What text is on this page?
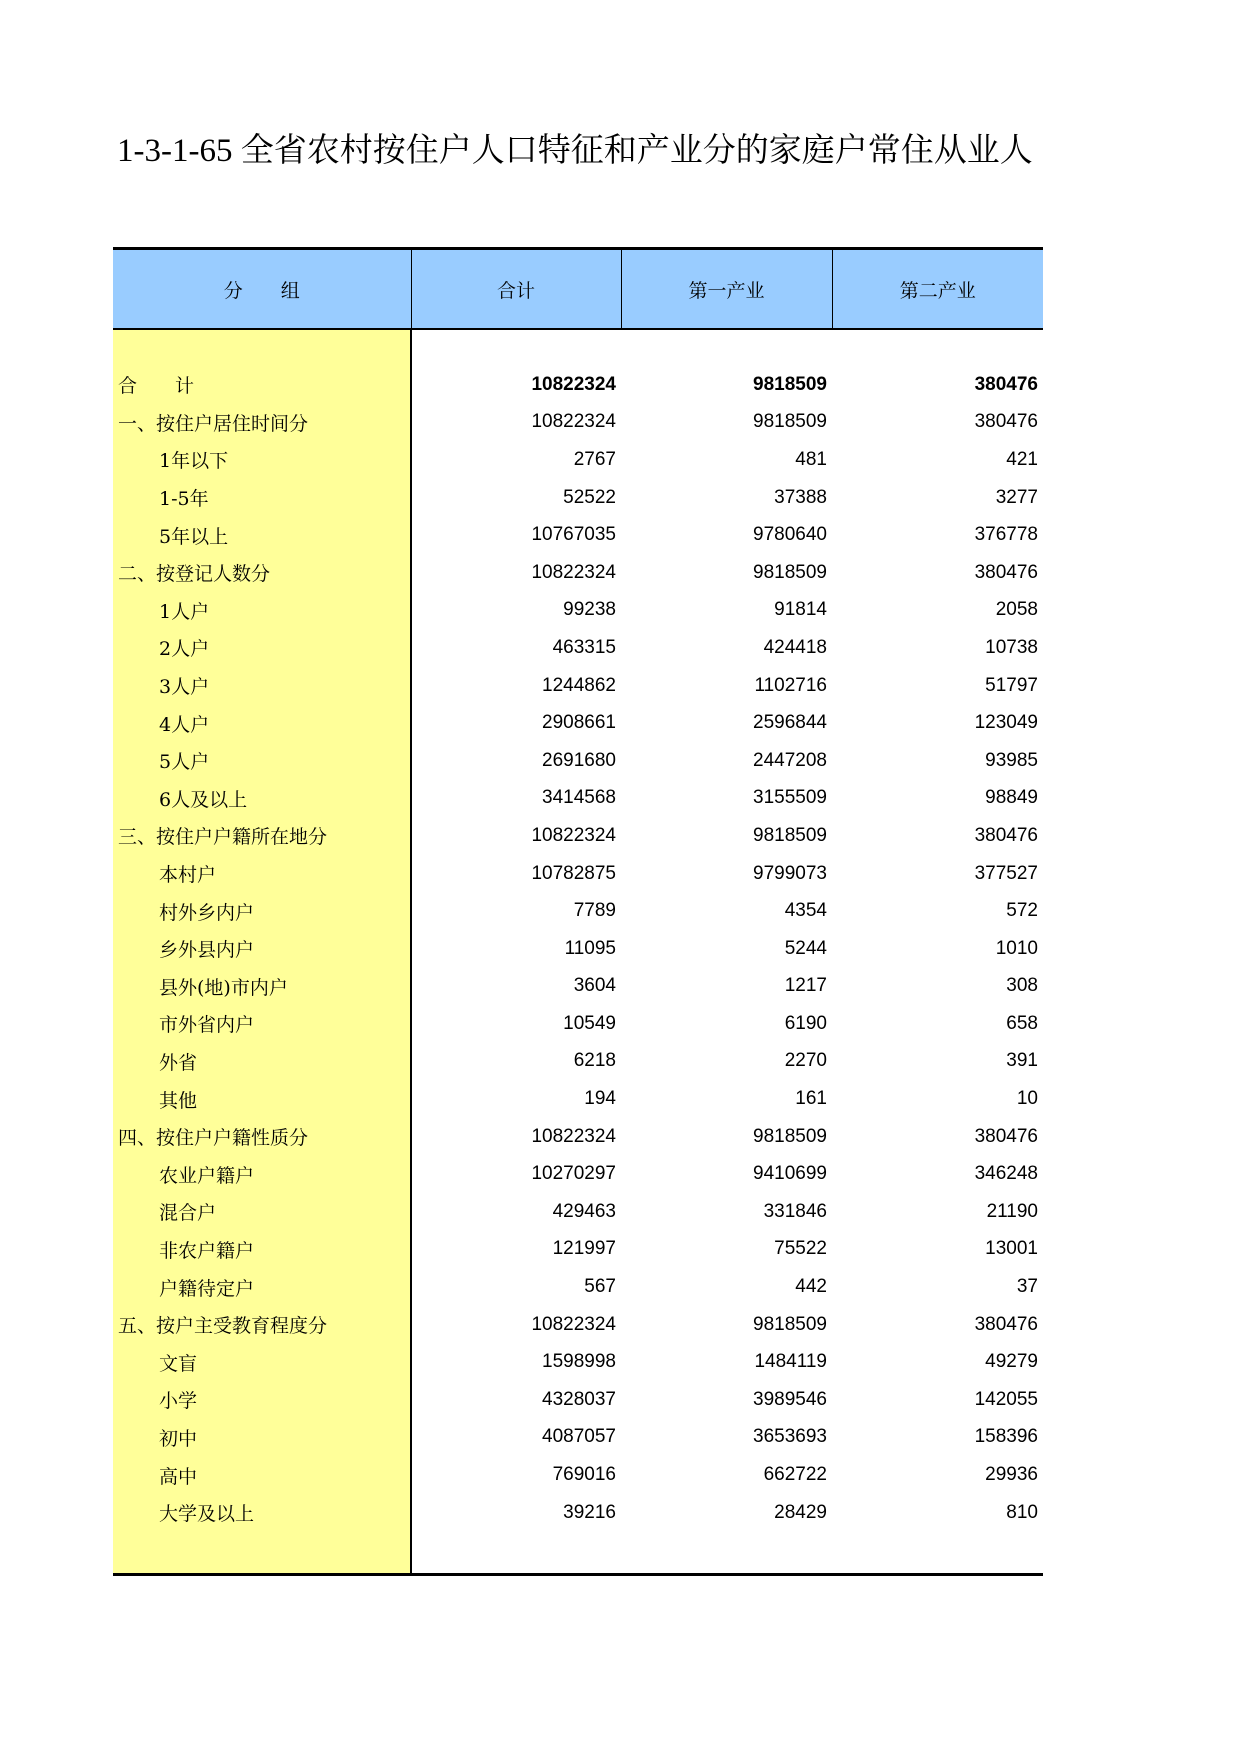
1-3-1-65 全省农村按住户人口特征和产业分的家庭户常住从业人
分　　组	合计	第一产业	第二产业

合　　计	10822324	9818509	380476
一、按住户居住时间分	10822324	9818509	380476
1年以下	2767	481	421
1-5年	52522	37388	3277
5年以上	10767035	9780640	376778
二、按登记人数分	10822324	9818509	380476
1人户	99238	91814	2058
2人户	463315	424418	10738
3人户	1244862	1102716	51797
4人户	2908661	2596844	123049
5人户	2691680	2447208	93985
6人及以上	3414568	3155509	98849
三、按住户户籍所在地分	10822324	9818509	380476
本村户	10782875	9799073	377527
村外乡内户	7789	4354	572
乡外县内户	11095	5244	1010
县外(地)市内户	3604	1217	308
市外省内户	10549	6190	658
外省	6218	2270	391
其他	194	161	10
四、按住户户籍性质分	10822324	9818509	380476
农业户籍户	10270297	9410699	346248
混合户	429463	331846	21190
非农户籍户	121997	75522	13001
户籍待定户	567	442	37
五、按户主受教育程度分	10822324	9818509	380476
文盲	1598998	1484119	49279
小学	4328037	3989546	142055
初中	4087057	3653693	158396
高中	769016	662722	29936
大学及以上	39216	28429	810
